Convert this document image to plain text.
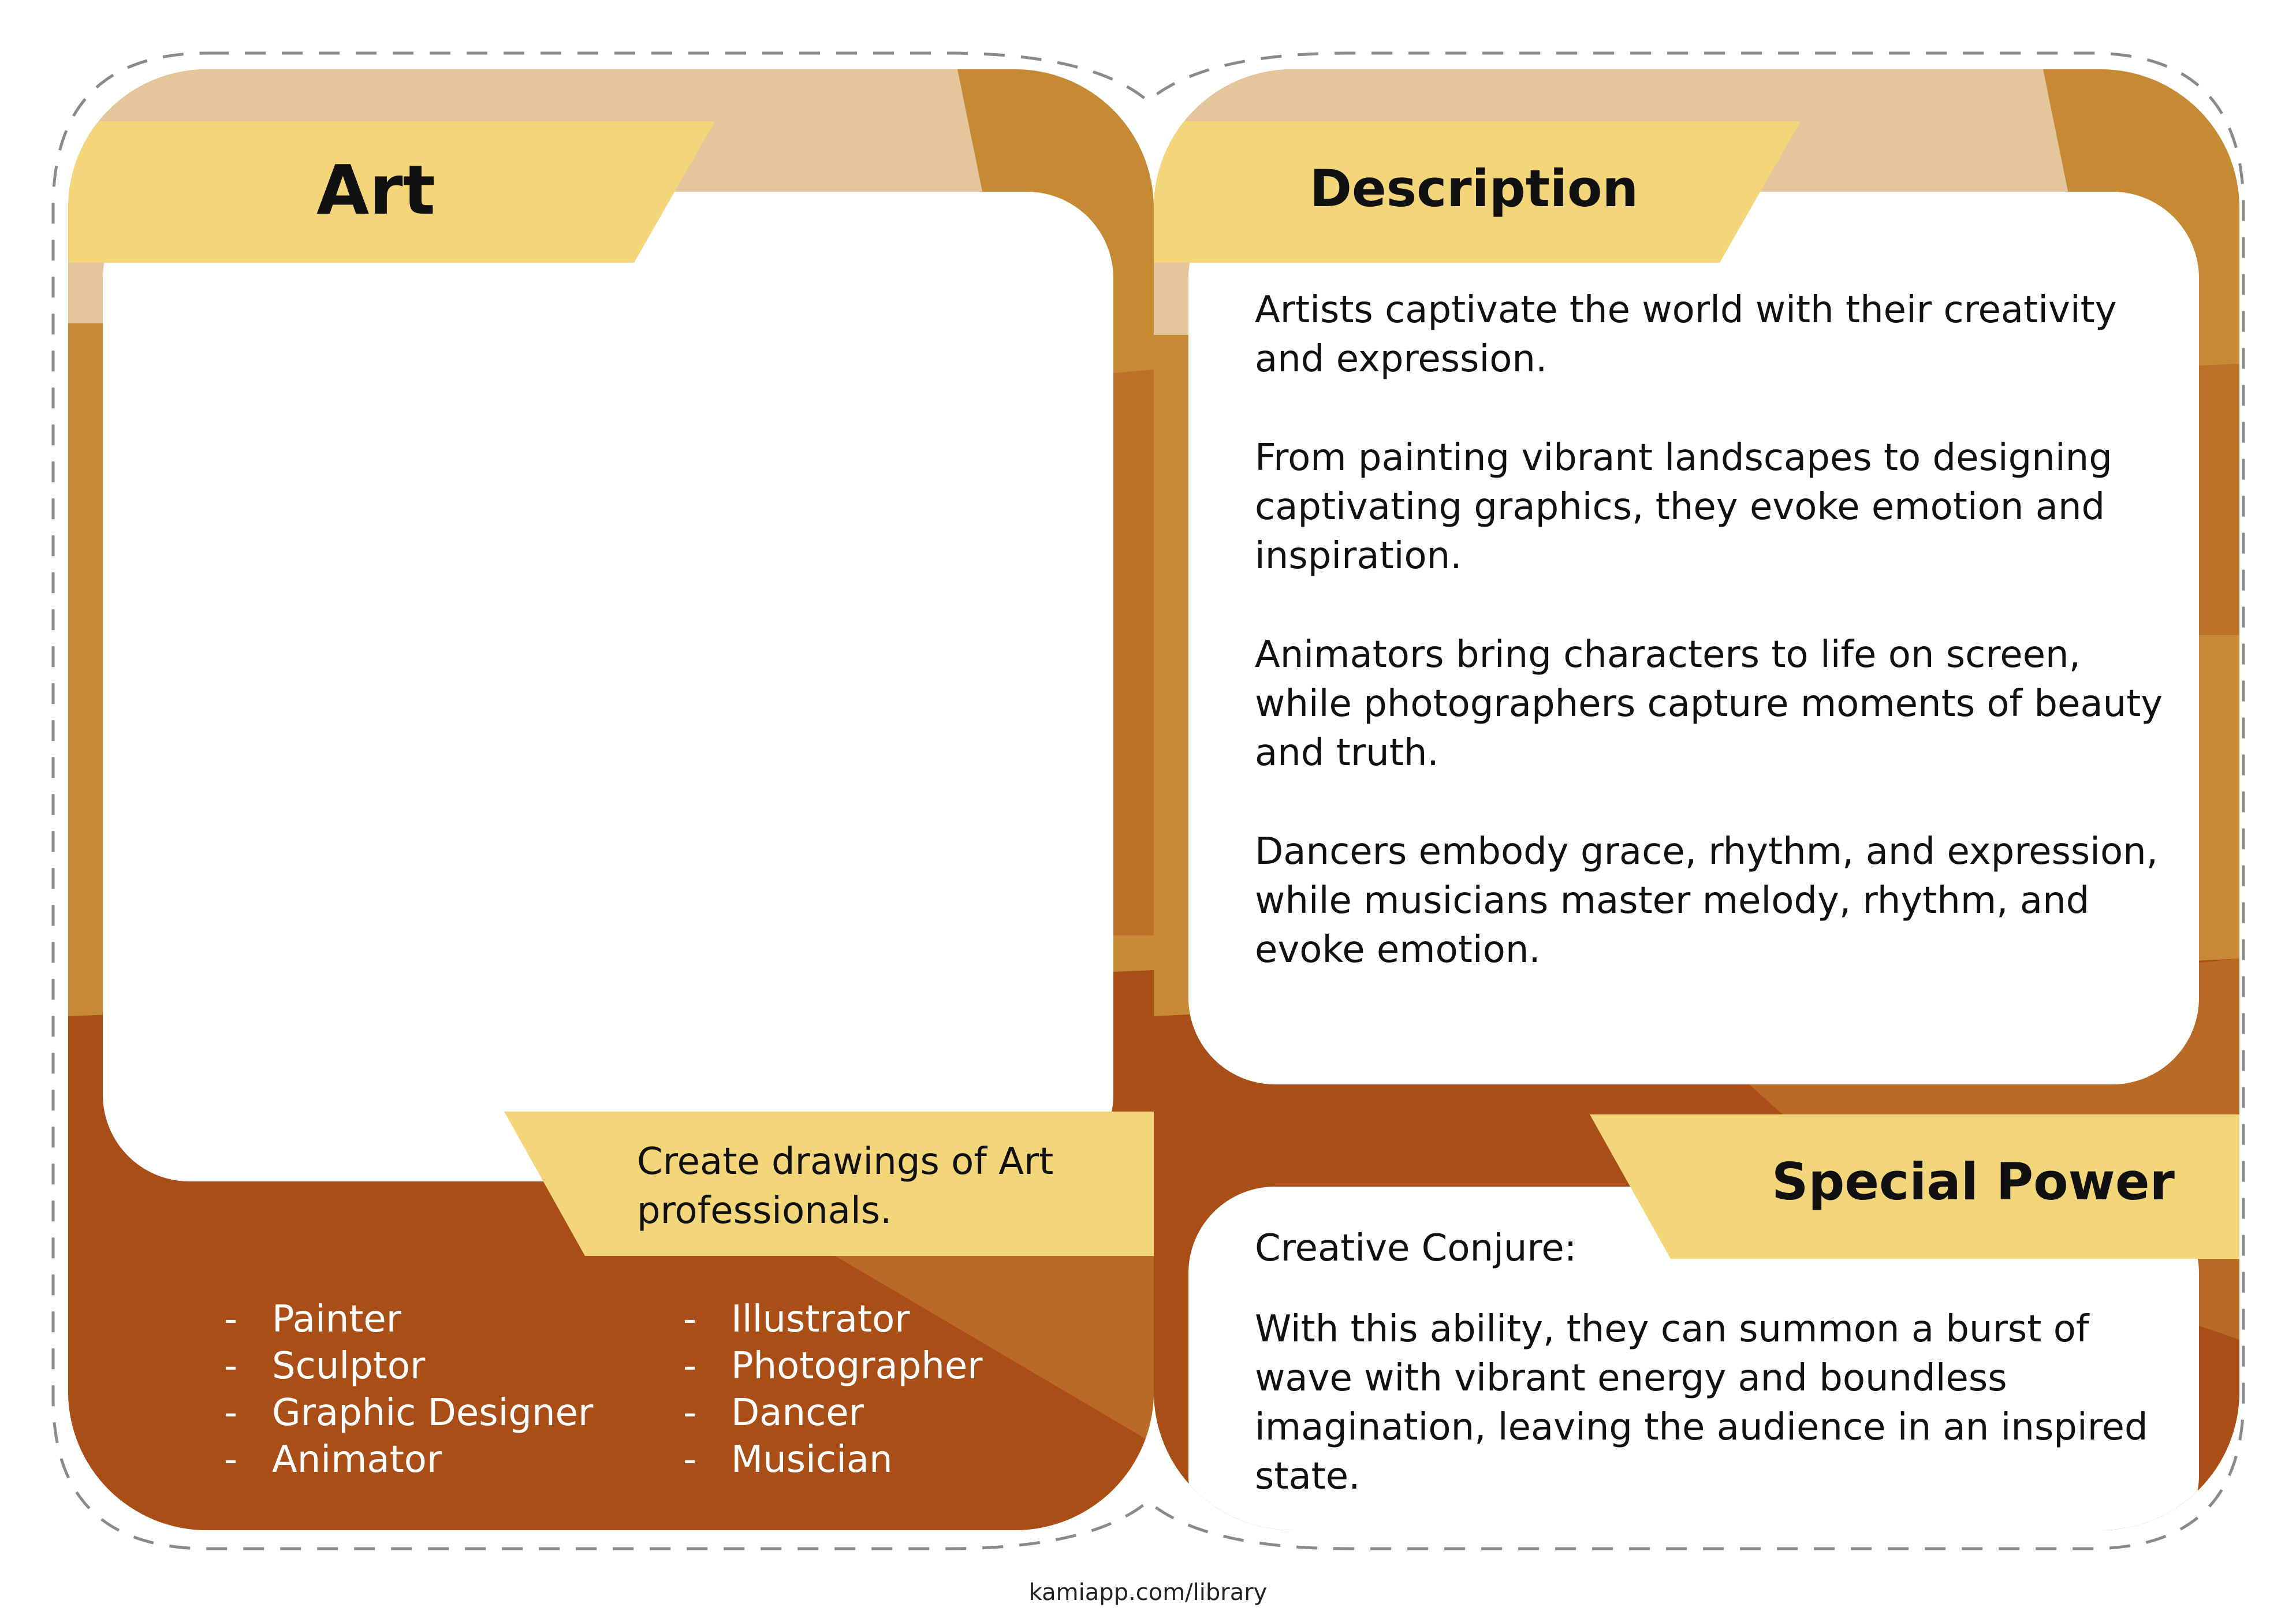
Art
Create drawings of Art professionals.
- Painter
- Sculptor
- Graphic Designer
- Animator
- Illustrator
- Photographer
- Dancer
- Musician
Description

Artists captivate the world with their creativity and expression.

From painting vibrant landscapes to designing captivating graphics, they evoke emotion and inspiration.

Animators bring characters to life on screen, while photographers capture moments of beauty and truth.

Dancers embody grace, rhythm, and expression, while musicians master melody, rhythm, and evoke emotion.

Special Power
Creative Conjure:
With this ability, they can summon a burst of wave with vibrant energy and boundless imagination, leaving the audience in an inspired state.
kamiapp.com/library
